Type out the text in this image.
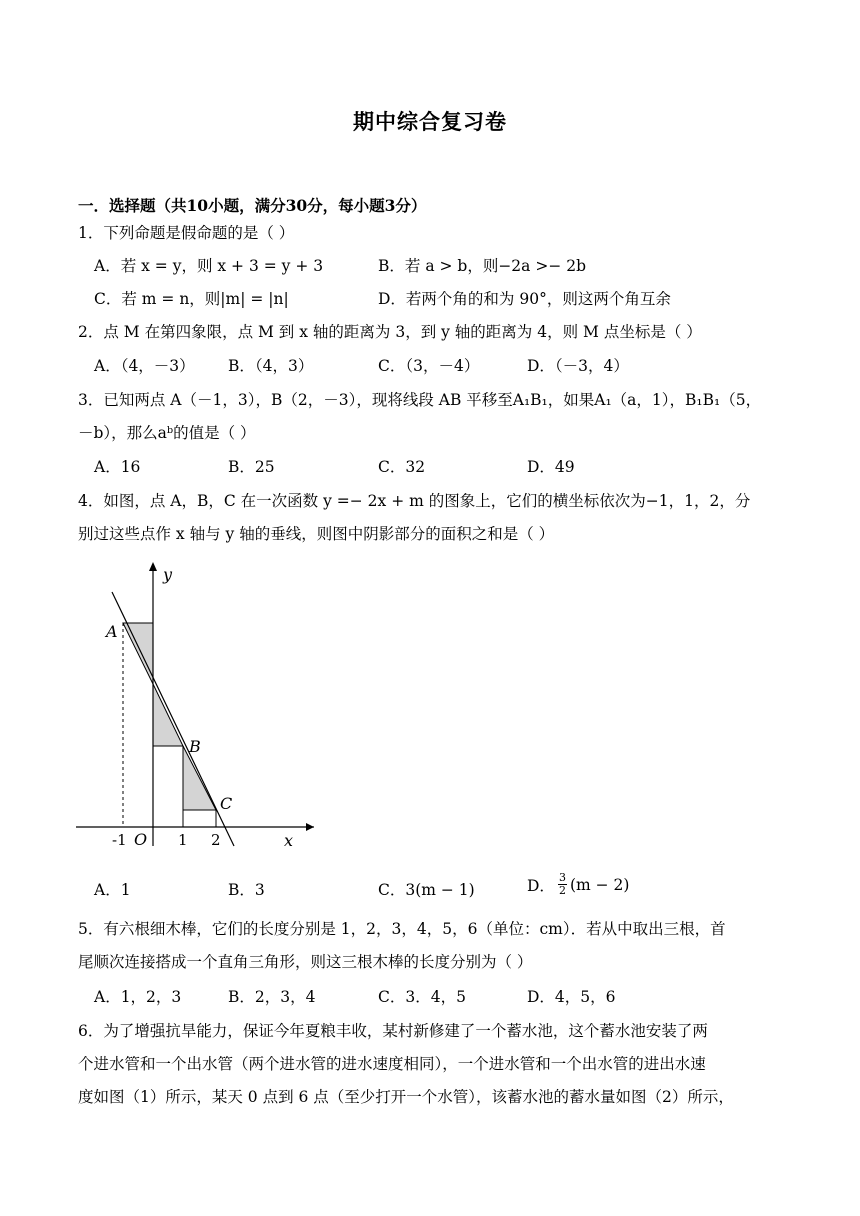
期中综合复习卷
一．选择题（共10小题，满分30分，每小题3分）
1．下列命题是假命题的是（ ）
A．若 x = y，则 x + 3 = y + 3	B．若 a > b，则−2a >− 2b
C．若 m = n，则|m| = |n|	D．若两个角的和为 90°，则这两个角互余
2．点 M 在第四象限，点 M 到 x 轴的距离为 3，到 y 轴的距离为 4，则 M 点坐标是（ ）
A．（4，－3） B．（4，3）	C．（3，－4）	D．（－3，4）
3．已知两点 A（－1，3），B（2，－3），现将线段 AB 平移至A₁B₁，如果A₁（a，1），B₁B₁（5，
－b），那么aᵇ的值是（ ）
A．16	B．25	C．32	D．49
4．如图，点 A，B，C 在一次函数 y =− 2x + m 的图象上，它们的横坐标依次为−1，1，2，分
别过这些点作 x 轴与 y 轴的垂线，则图中阴影部分的面积之和是（ ）
y
x
O
-1	1 2
A
B
C
A．1	B．3	C．3(m − 1)	D． $\frac{3}{2} (m - 2)$
5．有六根细木棒，它们的长度分别是 1，2，3，4，5，6（单位：cm）．若从中取出三根，首
尾顺次连接搭成一个直角三角形，则这三根木棒的长度分别为（ ）
A．1，2，3	B．2，3，4	C．3．4，5	D．4，5，6
6．为了增强抗旱能力，保证今年夏粮丰收，某村新修建了一个蓄水池，这个蓄水池安装了两
个进水管和一个出水管（两个进水管的进水速度相同），一个进水管和一个出水管的进出水速
度如图（1）所示，某天 0 点到 6 点（至少打开一个水管），该蓄水池的蓄水量如图（2）所示，
